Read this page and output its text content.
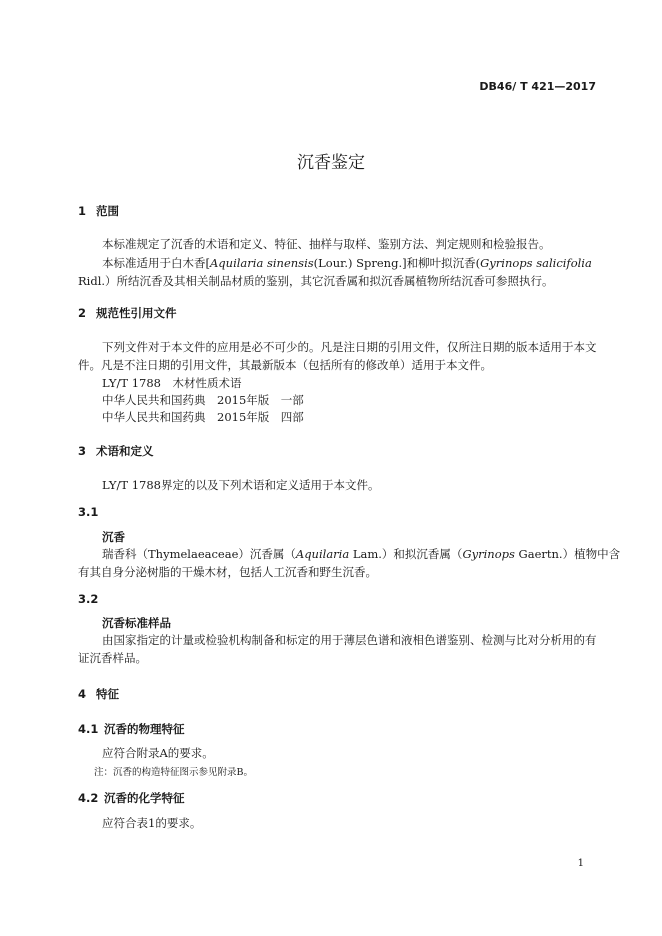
DB46/ T 421—2017
沉香鉴定
1 范围
本标准规定了沉香的术语和定义、特征、抽样与取样、鉴别方法、判定规则和检验报告。
本标准适用于白木香[Aquilaria sinensis(Lour.) Spreng.]和柳叶拟沉香(Gyrinops salicifolia
Ridl.）所结沉香及其相关制品材质的鉴别，其它沉香属和拟沉香属植物所结沉香可参照执行。
2 规范性引用文件
下列文件对于本文件的应用是必不可少的。凡是注日期的引用文件，仅所注日期的版本适用于本文
件。凡是不注日期的引用文件，其最新版本（包括所有的修改单）适用于本文件。
LY/T 1788　木材性质术语
中华人民共和国药典　2015年版　一部
中华人民共和国药典　2015年版　四部
3 术语和定义
LY/T 1788界定的以及下列术语和定义适用于本文件。
3.1
沉香
瑞香科（Thymelaeaceae）沉香属（Aquilaria Lam.）和拟沉香属（Gyrinops Gaertn.）植物中含
有其自身分泌树脂的干燥木材，包括人工沉香和野生沉香。
3.2
沉香标准样品
由国家指定的计量或检验机构制备和标定的用于薄层色谱和液相色谱鉴别、检测与比对分析用的有
证沉香样品。
4 特征
4.1 沉香的物理特征
应符合附录A的要求。
注：沉香的构造特征图示参见附录B。
4.2 沉香的化学特征
应符合表1的要求。
1
